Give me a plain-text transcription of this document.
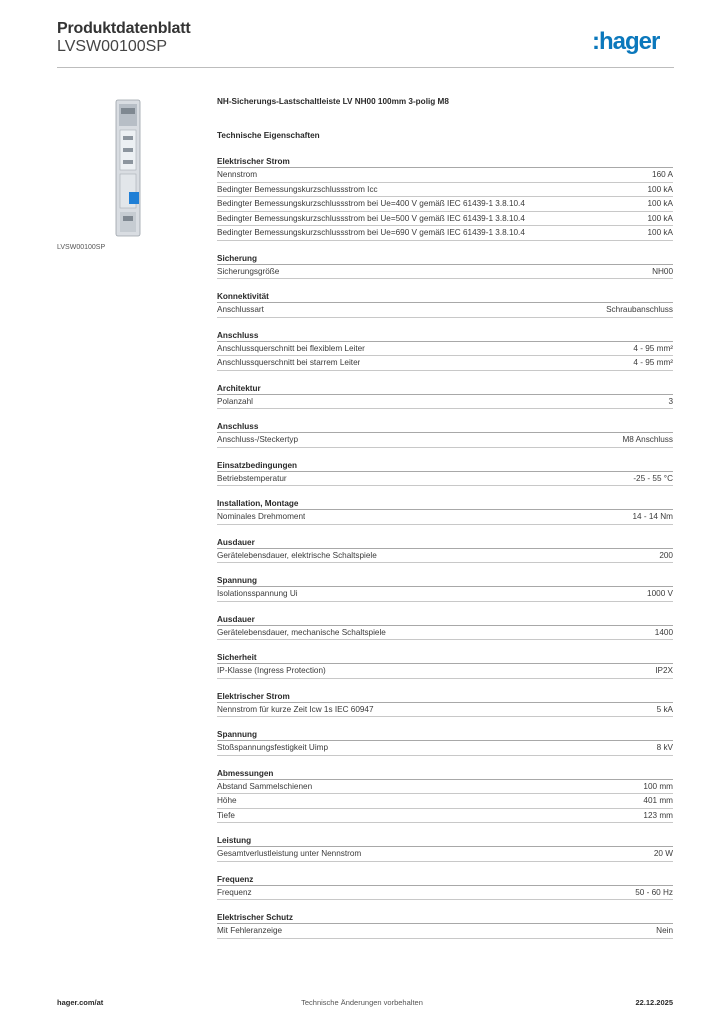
Produktdatenblatt
LVSW00100SP	:hager
LVSW00100SP
NH-Sicherungs-Lastschaltleiste LV NH00 100mm 3-polig M8
Technische Eigenschaften
Elektrischer Strom
Nennstrom	160 A
Bedingter Bemessungskurzschlussstrom Icc	100 kA
Bedingter Bemessungskurzschlussstrom bei Ue=400 V gemäß IEC 61439-1 3.8.10.4	100 kA
Bedingter Bemessungskurzschlussstrom bei Ue=500 V gemäß IEC 61439-1 3.8.10.4	100 kA
Bedingter Bemessungskurzschlussstrom bei Ue=690 V gemäß IEC 61439-1 3.8.10.4	100 kA
Sicherung
Sicherungsgröße	NH00
Konnektivität
Anschlussart	Schraubanschluss
Anschluss
Anschlussquerschnitt bei flexiblem Leiter	4 - 95 mm²
Anschlussquerschnitt bei starrem Leiter	4 - 95 mm²
Architektur
Polanzahl	3
Anschluss
Anschluss-/Steckertyp	M8 Anschluss
Einsatzbedingungen
Betriebstemperatur	-25 - 55 °C
Installation, Montage
Nominales Drehmoment	14 - 14 Nm
Ausdauer
Gerätelebensdauer, elektrische Schaltspiele	200
Spannung
Isolationsspannung Ui	1000 V
Ausdauer
Gerätelebensdauer, mechanische Schaltspiele	1400
Sicherheit
IP-Klasse (Ingress Protection)	IP2X
Elektrischer Strom
Nennstrom für kurze Zeit Icw 1s IEC 60947	5 kA
Spannung
Stoßspannungsfestigkeit Uimp	8 kV
Abmessungen
Abstand Sammelschienen	100 mm
Höhe	401 mm
Tiefe	123 mm
Leistung
Gesamtverlustleistung unter Nennstrom	20 W
Frequenz
Frequenz	50 - 60 Hz
Elektrischer Schutz
Mit Fehleranzeige	Nein
hager.com/at	Technische Änderungen vorbehalten	22.12.2025
